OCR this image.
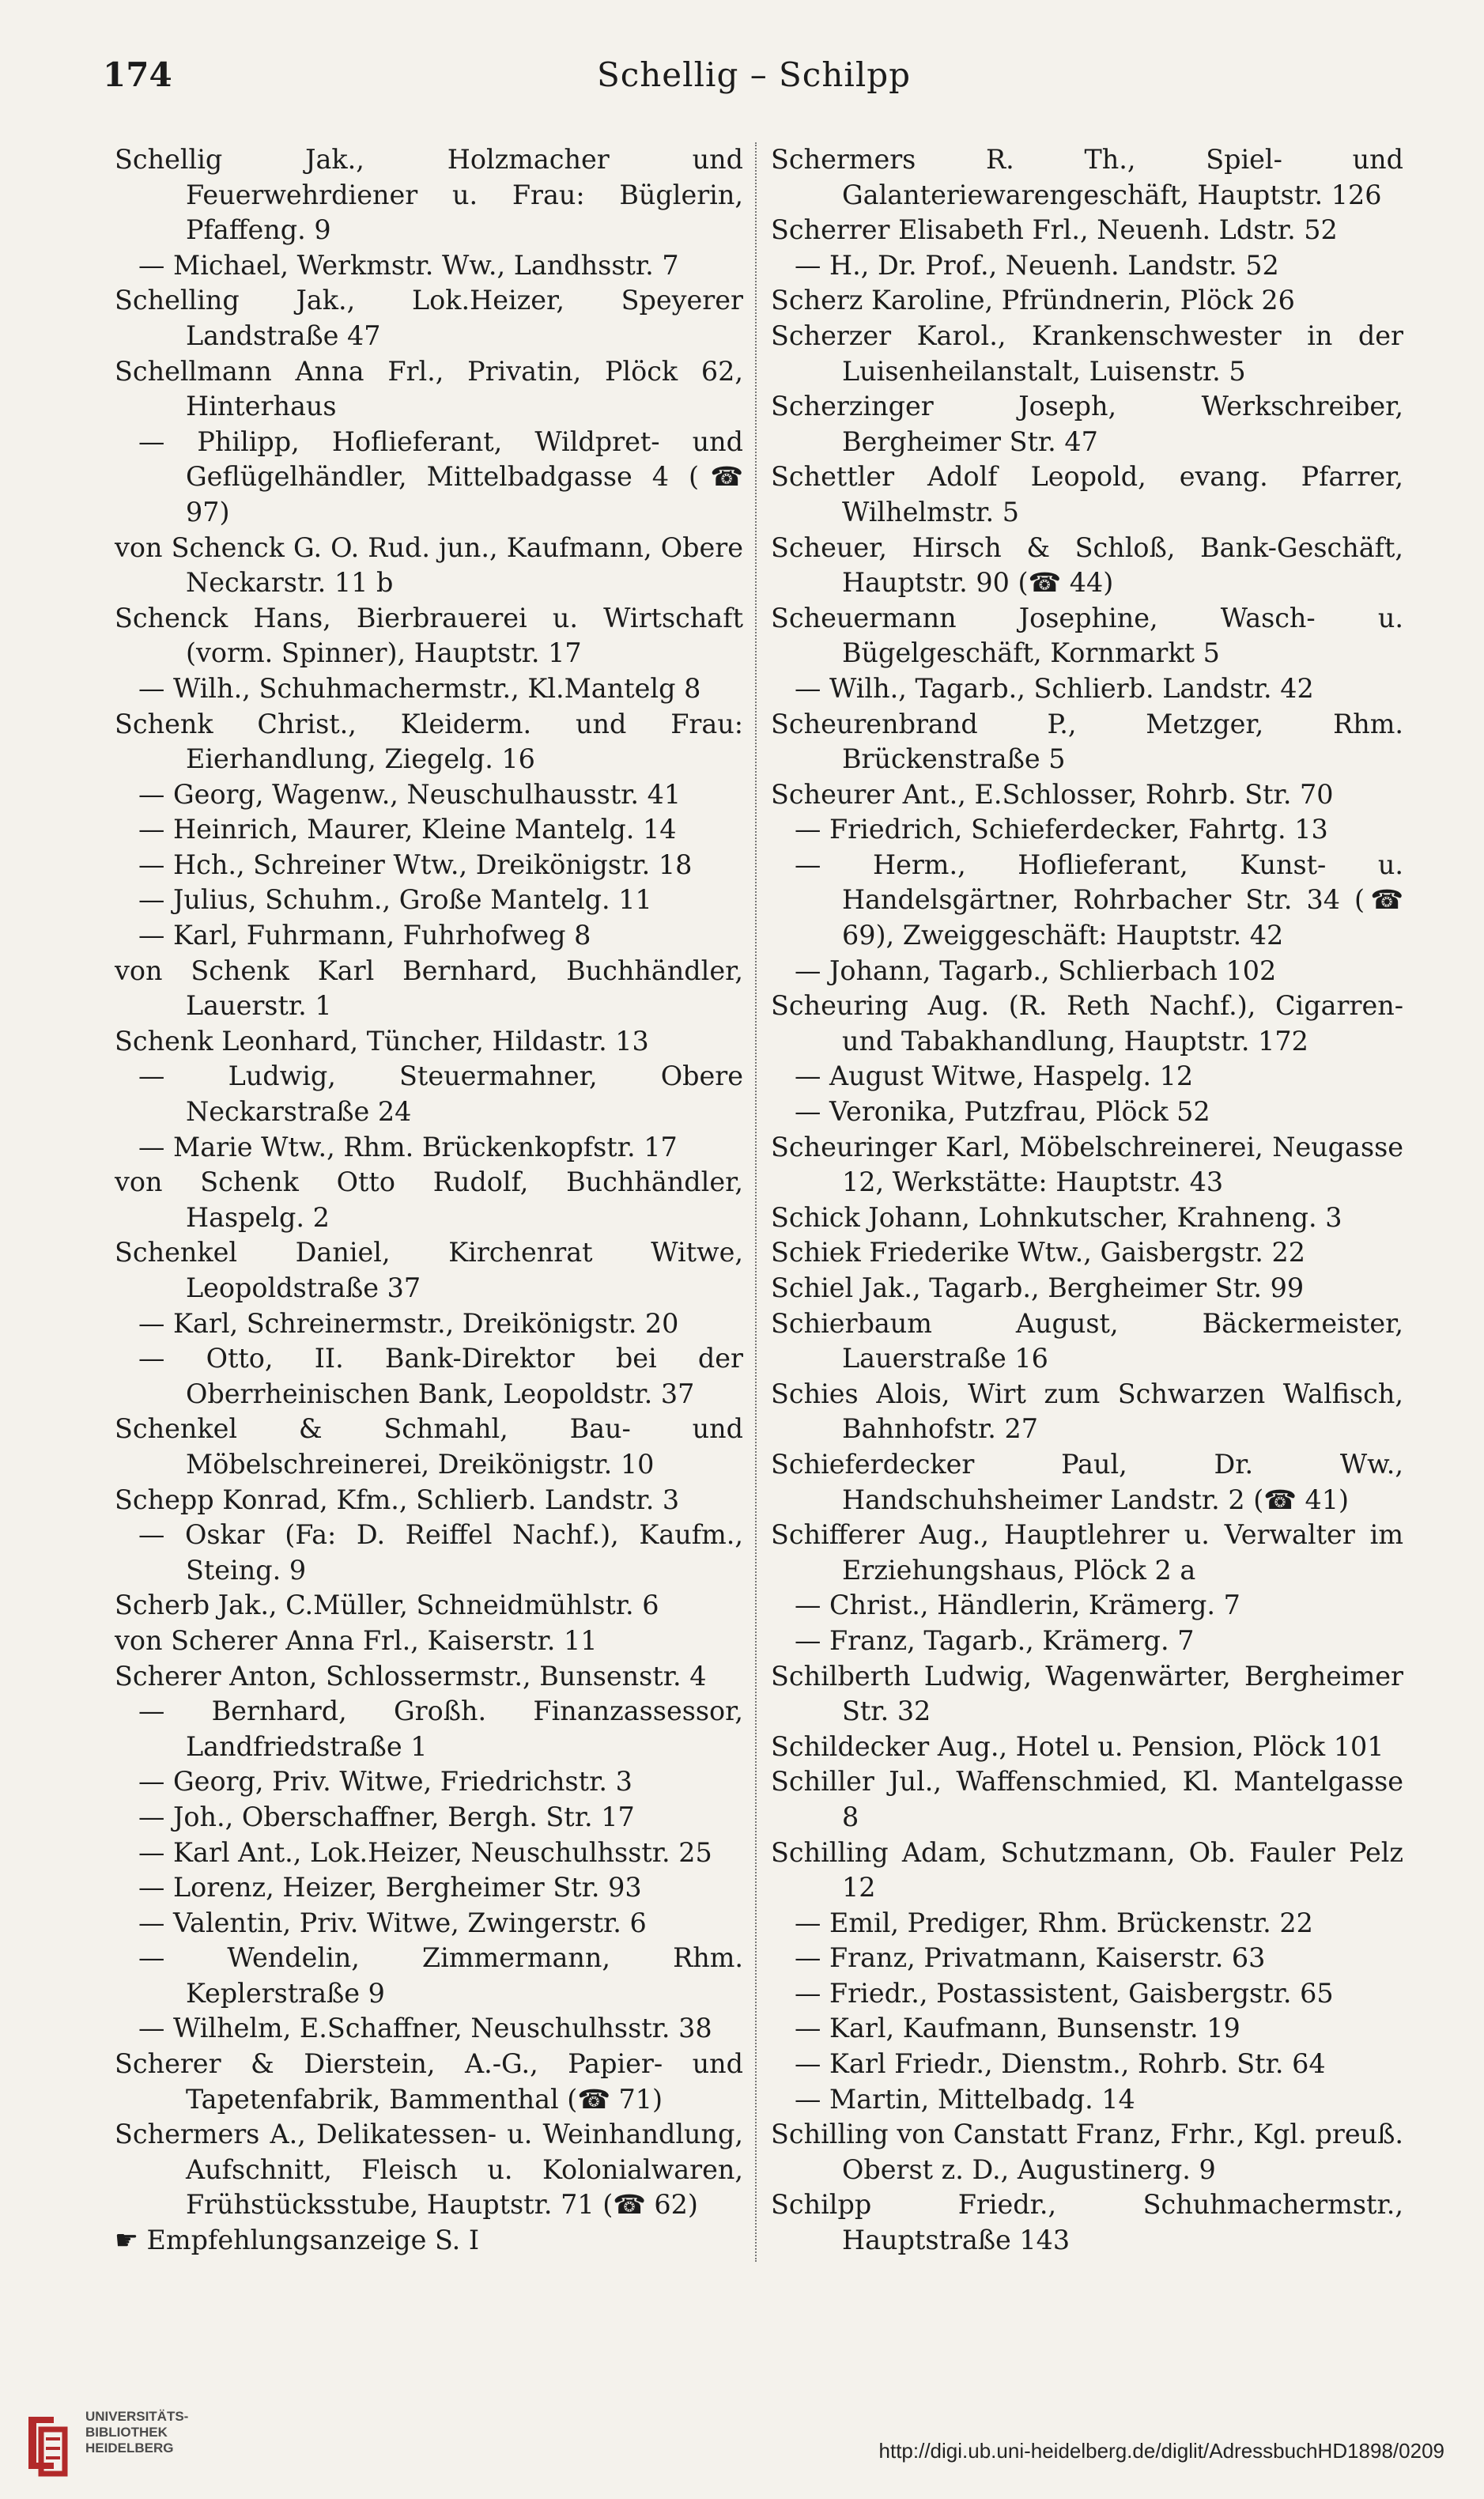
174	Schellig – Schilpp
Schellig Jak., Holzmacher und Feuerwehrdiener u. Frau: Büglerin, Pfaffeng. 9
— Michael, Werkmstr. Ww., Landhsstr. 7
Schelling Jak., Lok.Heizer, Speyerer Landstraße 47
Schellmann Anna Frl., Privatin, Plöck 62, Hinterhaus
— Philipp, Hoflieferant, Wildpret- und Geflügelhändler, Mittelbadgasse 4 (☎ 97)
von Schenck G. O. Rud. jun., Kaufmann, Obere Neckarstr. 11 b
Schenck Hans, Bierbrauerei u. Wirtschaft (vorm. Spinner), Hauptstr. 17
— Wilh., Schuhmachermstr., Kl.Mantelg 8
Schenk Christ., Kleiderm. und Frau: Eierhandlung, Ziegelg. 16
— Georg, Wagenw., Neuschulhausstr. 41
— Heinrich, Maurer, Kleine Mantelg. 14
— Hch., Schreiner Wtw., Dreikönigstr. 18
— Julius, Schuhm., Große Mantelg. 11
— Karl, Fuhrmann, Fuhrhofweg 8
von Schenk Karl Bernhard, Buchhändler, Lauerstr. 1
Schenk Leonhard, Tüncher, Hildastr. 13
— Ludwig, Steuermahner, Obere Neckarstraße 24
— Marie Wtw., Rhm. Brückenkopfstr. 17
von Schenk Otto Rudolf, Buchhändler, Haspelg. 2
Schenkel Daniel, Kirchenrat Witwe, Leopoldstraße 37
— Karl, Schreinermstr., Dreikönigstr. 20
— Otto, II. Bank-Direktor bei der Oberrheinischen Bank, Leopoldstr. 37
Schenkel & Schmahl, Bau- und Möbelschreinerei, Dreikönigstr. 10
Schepp Konrad, Kfm., Schlierb. Landstr. 3
— Oskar (Fa: D. Reiffel Nachf.), Kaufm., Steing. 9
Scherb Jak., C.Müller, Schneidmühlstr. 6
von Scherer Anna Frl., Kaiserstr. 11
Scherer Anton, Schlossermstr., Bunsenstr. 4
— Bernhard, Großh. Finanzassessor, Landfriedstraße 1
— Georg, Priv. Witwe, Friedrichstr. 3
— Joh., Oberschaffner, Bergh. Str. 17
— Karl Ant., Lok.Heizer, Neuschulhsstr. 25
— Lorenz, Heizer, Bergheimer Str. 93
— Valentin, Priv. Witwe, Zwingerstr. 6
— Wendelin, Zimmermann, Rhm. Keplerstraße 9
— Wilhelm, E.Schaffner, Neuschulhsstr. 38
Scherer & Dierstein, A.-G., Papier- und Tapetenfabrik, Bammenthal (☎ 71)
Schermers A., Delikatessen- u. Weinhandlung, Aufschnitt, Fleisch u. Kolonialwaren, Frühstücksstube, Hauptstr. 71 (☎ 62)
☛ Empfehlungsanzeige S. I
Schermers R. Th., Spiel- und Galanteriewarengeschäft, Hauptstr. 126
Scherrer Elisabeth Frl., Neuenh. Ldstr. 52
— H., Dr. Prof., Neuenh. Landstr. 52
Scherz Karoline, Pfründnerin, Plöck 26
Scherzer Karol., Krankenschwester in der Luisenheilanstalt, Luisenstr. 5
Scherzinger Joseph, Werkschreiber, Bergheimer Str. 47
Schettler Adolf Leopold, evang. Pfarrer, Wilhelmstr. 5
Scheuer, Hirsch & Schloß, Bank-Geschäft, Hauptstr. 90 (☎ 44)
Scheuermann Josephine, Wasch- u. Bügelgeschäft, Kornmarkt 5
— Wilh., Tagarb., Schlierb. Landstr. 42
Scheurenbrand P., Metzger, Rhm. Brückenstraße 5
Scheurer Ant., E.Schlosser, Rohrb. Str. 70
— Friedrich, Schieferdecker, Fahrtg. 13
— Herm., Hoflieferant, Kunst- u. Handelsgärtner, Rohrbacher Str. 34 (☎ 69), Zweiggeschäft: Hauptstr. 42
— Johann, Tagarb., Schlierbach 102
Scheuring Aug. (R. Reth Nachf.), Cigarren- und Tabakhandlung, Hauptstr. 172
— August Witwe, Haspelg. 12
— Veronika, Putzfrau, Plöck 52
Scheuringer Karl, Möbelschreinerei, Neugasse 12, Werkstätte: Hauptstr. 43
Schick Johann, Lohnkutscher, Krahneng. 3
Schiek Friederike Wtw., Gaisbergstr. 22
Schiel Jak., Tagarb., Bergheimer Str. 99
Schierbaum August, Bäckermeister, Lauerstraße 16
Schies Alois, Wirt zum Schwarzen Walfisch, Bahnhofstr. 27
Schieferdecker Paul, Dr. Ww., Handschuhsheimer Landstr. 2 (☎ 41)
Schifferer Aug., Hauptlehrer u. Verwalter im Erziehungshaus, Plöck 2 a
— Christ., Händlerin, Krämerg. 7
— Franz, Tagarb., Krämerg. 7
Schilberth Ludwig, Wagenwärter, Bergheimer Str. 32
Schildecker Aug., Hotel u. Pension, Plöck 101
Schiller Jul., Waffenschmied, Kl. Mantelgasse 8
Schilling Adam, Schutzmann, Ob. Fauler Pelz 12
— Emil, Prediger, Rhm. Brückenstr. 22
— Franz, Privatmann, Kaiserstr. 63
— Friedr., Postassistent, Gaisbergstr. 65
— Karl, Kaufmann, Bunsenstr. 19
— Karl Friedr., Dienstm., Rohrb. Str. 64
— Martin, Mittelbadg. 14
Schilling von Canstatt Franz, Frhr., Kgl. preuß. Oberst z. D., Augustinerg. 9
Schilpp Friedr., Schuhmachermstr., Hauptstraße 143
UNIVERSITÄTS-
BIBLIOTHEK
HEIDELBERG	http://digi.ub.uni-heidelberg.de/diglit/AdressbuchHD1898/0209
